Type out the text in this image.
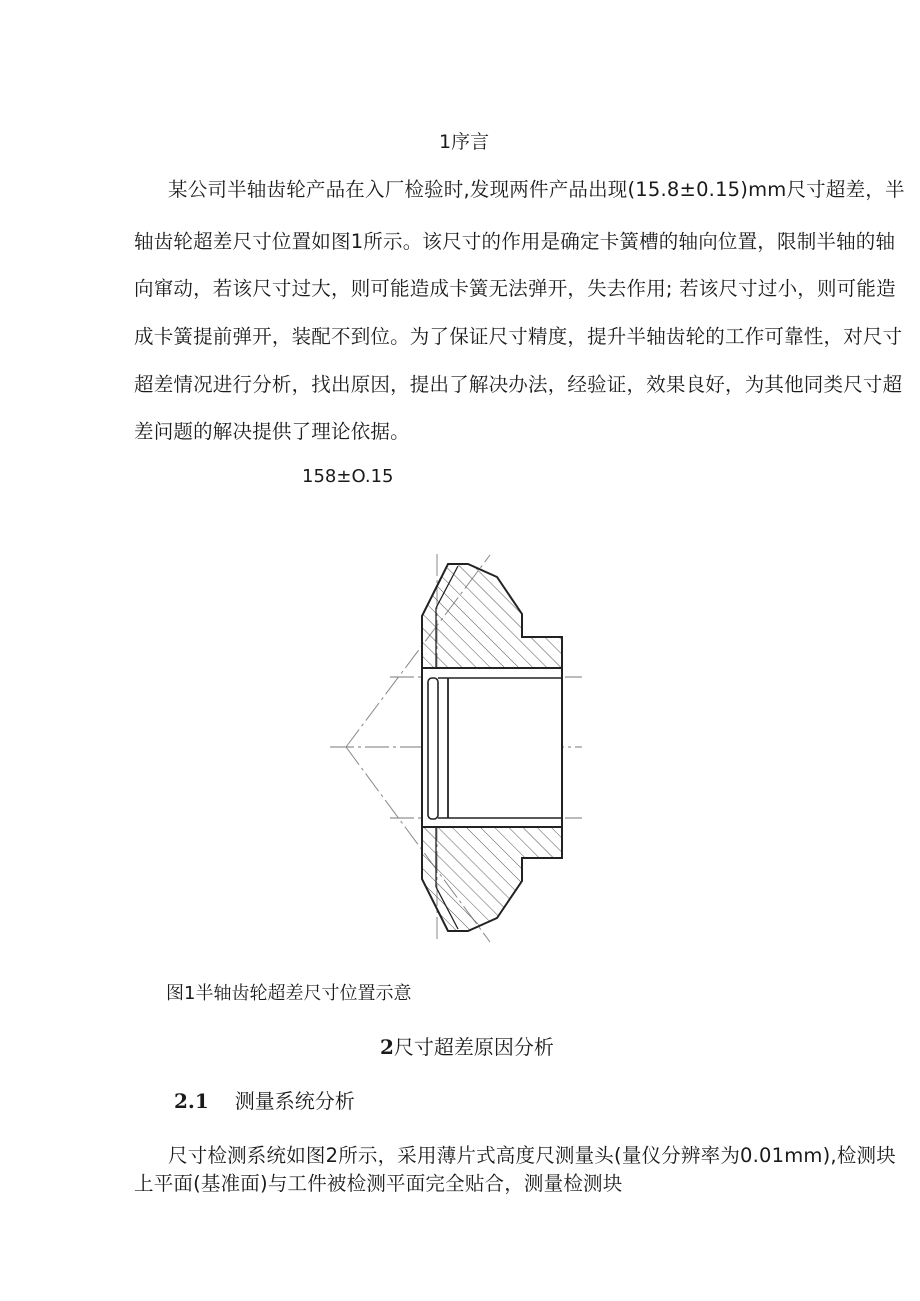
1序言
某公司半轴齿轮产品在入厂检验时,发现两件产品出现(15.8±0.15)mm尺寸超差，半
轴齿轮超差尺寸位置如图1所示。该尺寸的作用是确定卡簧槽的轴向位置，限制半轴的轴
向窜动，若该尺寸过大，则可能造成卡簧无法弹开，失去作用; 若该尺寸过小，则可能造
成卡簧提前弹开，装配不到位。为了保证尺寸精度，提升半轴齿轮的工作可靠性，对尺寸
超差情况进行分析，找出原因，提出了解决办法，经验证，效果良好，为其他同类尺寸超
差问题的解决提供了理论依据。
158±O.15
图1半轴齿轮超差尺寸位置示意
2尺寸超差原因分析
2.1 测量系统分析
尺寸检测系统如图2所示，采用薄片式高度尺测量头(量仪分辨率为0.01mm),检测块
上平面(基准面)与工件被检测平面完全贴合，测量检测块
